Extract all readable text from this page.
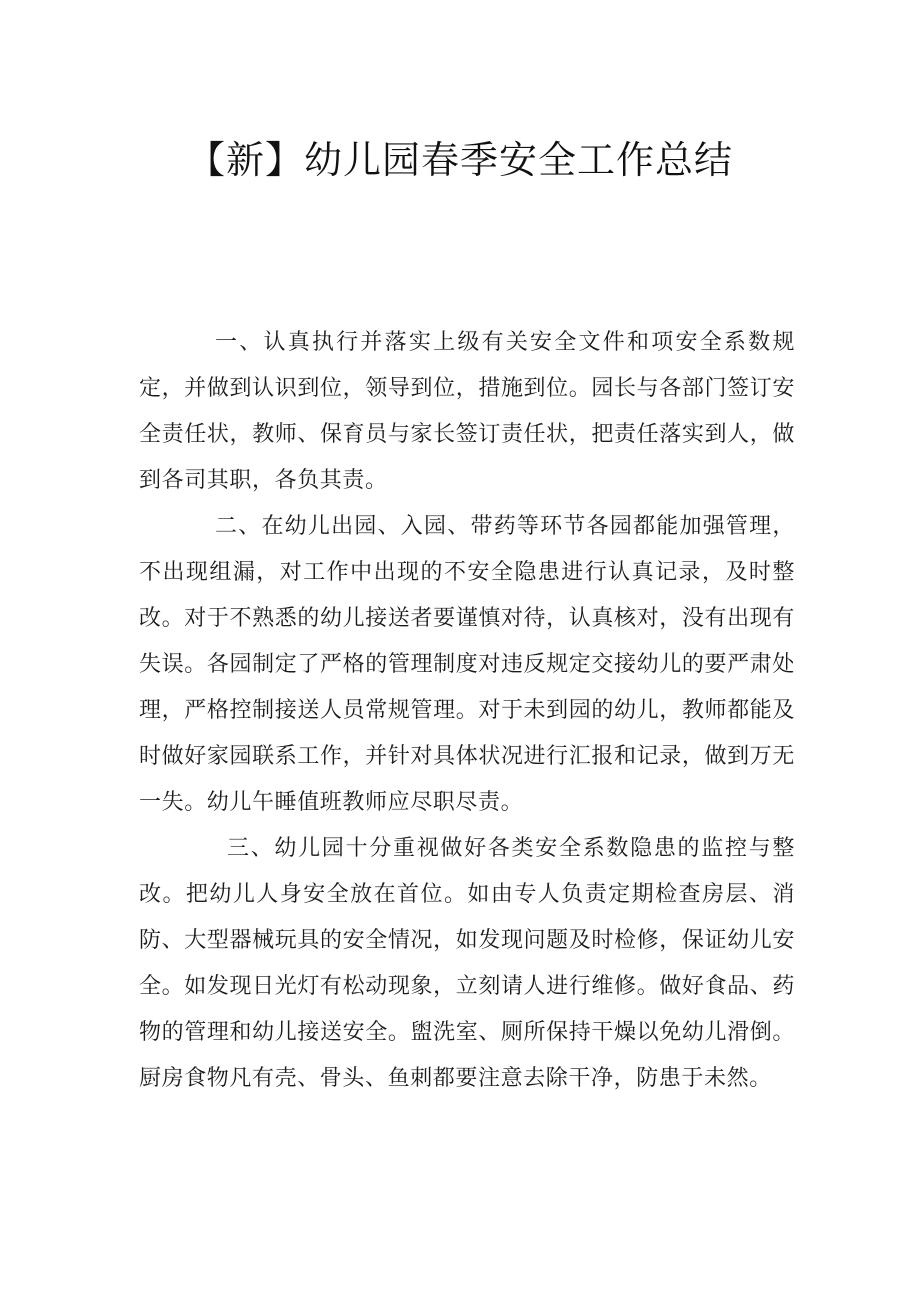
【新】幼儿园春季安全工作总结

一、认真执行并落实上级有关安全文件和项安全系数规定，并做到认识到位，领导到位，措施到位。园长与各部门签订安全责任状，教师、保育员与家长签订责任状，把责任落实到人，做到各司其职，各负其责。

二、在幼儿出园、入园、带药等环节各园都能加强管理，不出现组漏，对工作中出现的不安全隐患进行认真记录，及时整改。对于不熟悉的幼儿接送者要谨慎对待，认真核对，没有出现有失误。各园制定了严格的管理制度对违反规定交接幼儿的要严肃处理，严格控制接送人员常规管理。对于未到园的幼儿，教师都能及时做好家园联系工作，并针对具体状况进行汇报和记录，做到万无一失。幼儿午睡值班教师应尽职尽责。

三、幼儿园十分重视做好各类安全系数隐患的监控与整改。把幼儿人身安全放在首位。如由专人负责定期检查房层、消防、大型器械玩具的安全情况，如发现问题及时检修，保证幼儿安全。如发现日光灯有松动现象，立刻请人进行维修。做好食品、药物的管理和幼儿接送安全。盥洗室、厕所保持干燥以免幼儿滑倒。厨房食物凡有壳、骨头、鱼刺都要注意去除干净，防患于未然。
